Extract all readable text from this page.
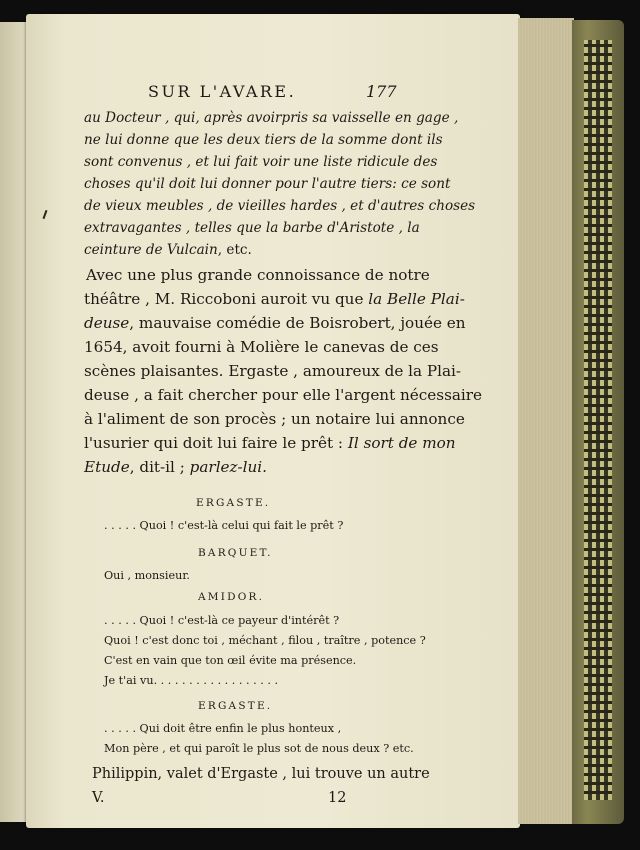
SUR L'AVARE.	177
au Docteur , qui, après avoirpris sa vaisselle en gage ,
ne lui donne que les deux tiers de la somme dont ils
sont convenus , et lui fait voir une liste ridicule des
choses qu'il doit lui donner pour l'autre tiers: ce sont
de vieux meubles , de vieilles hardes , et d'autres choses
extravagantes , telles que la barbe d'Aristote , la
ceinture de Vulcain, etc.
Avec une plus grande connoissance de notre
théâtre , M. Riccoboni auroit vu que la Belle Plai-
deuse, mauvaise comédie de Boisrobert, jouée en
1654, avoit fourni à Molière le canevas de ces
scènes plaisantes. Ergaste , amoureux de la Plai-
deuse , a fait chercher pour elle l'argent nécessaire
à l'aliment de son procès ; un notaire lui annonce
l'usurier qui doit lui faire le prêt : Il sort de mon
Etude, dit-il ; parlez-lui.
ERGASTE.
. . . . . Quoi ! c'est-là celui qui fait le prêt ?
BARQUET.
Oui , monsieur.
AMIDOR.
. . . . . Quoi ! c'est-là ce payeur d'intérêt ?
Quoi ! c'est donc toi , méchant , filou , traître , potence ?
C'est en vain que ton œil évite ma présence.
Je t'ai vu. . . . . . . . . . . . . . . . . .
ERGASTE.
. . . . . Qui doit être enfin le plus honteux ,
Mon père , et qui paroît le plus sot de nous deux ? etc.
Philippin, valet d'Ergaste , lui trouve un autre
V.	12
